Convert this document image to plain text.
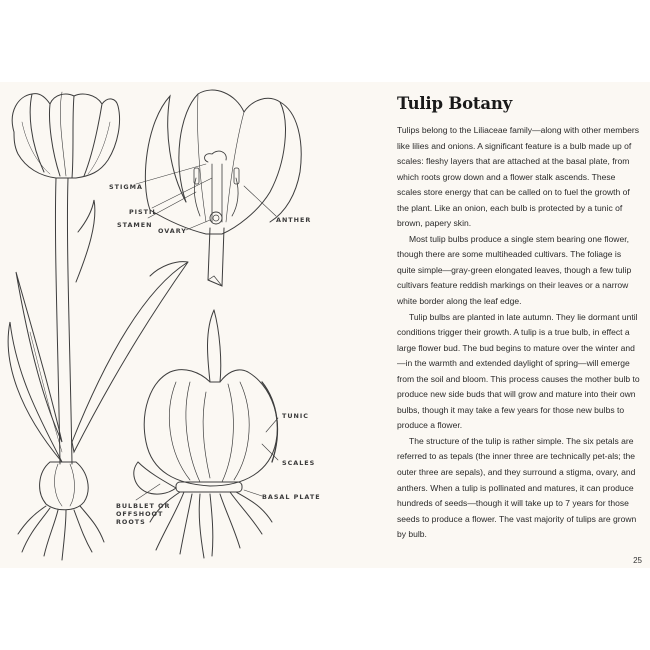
STIGMA
PISTIL
STAMEN
OVARY
ANTHER
TUNIC
SCALES
BASAL PLATE
BULBLET OR
OFFSHOOT
ROOTS
Tulip Botany

Tulips belong to the Liliaceae family—along with other members like lilies and onions. A significant feature is a bulb made up of scales: fleshy layers that are attached at the basal plate, from which roots grow down and a flower stalk ascends. These scales store energy that can be called on to fuel the growth of the plant. Like an onion, each bulb is protected by a tunic of brown, papery skin.

Most tulip bulbs produce a single stem bearing one flower, though there are some multiheaded cultivars. The foliage is quite simple—gray-green elongated leaves, though a few tulip cultivars feature reddish markings on their leaves or a narrow white border along the leaf edge.

Tulip bulbs are planted in late autumn. They lie dormant until conditions trigger their growth. A tulip is a true bulb, in effect a large flower bud. The bud begins to mature over the winter and—in the warmth and extended daylight of spring—will emerge from the soil and bloom. This process causes the mother bulb to produce new side buds that will grow and mature into their own bulbs, though it may take a few years for those new bulbs to produce a flower.

The structure of the tulip is rather simple. The six petals are referred to as tepals (the inner three are technically pet-als; the outer three are sepals), and they surround a stigma, ovary, and anthers. When a tulip is pollinated and matures, it can produce hundreds of seeds—though it will take up to 7 years for those seeds to produce a flower. The vast majority of tulips are grown by bulb.

25
